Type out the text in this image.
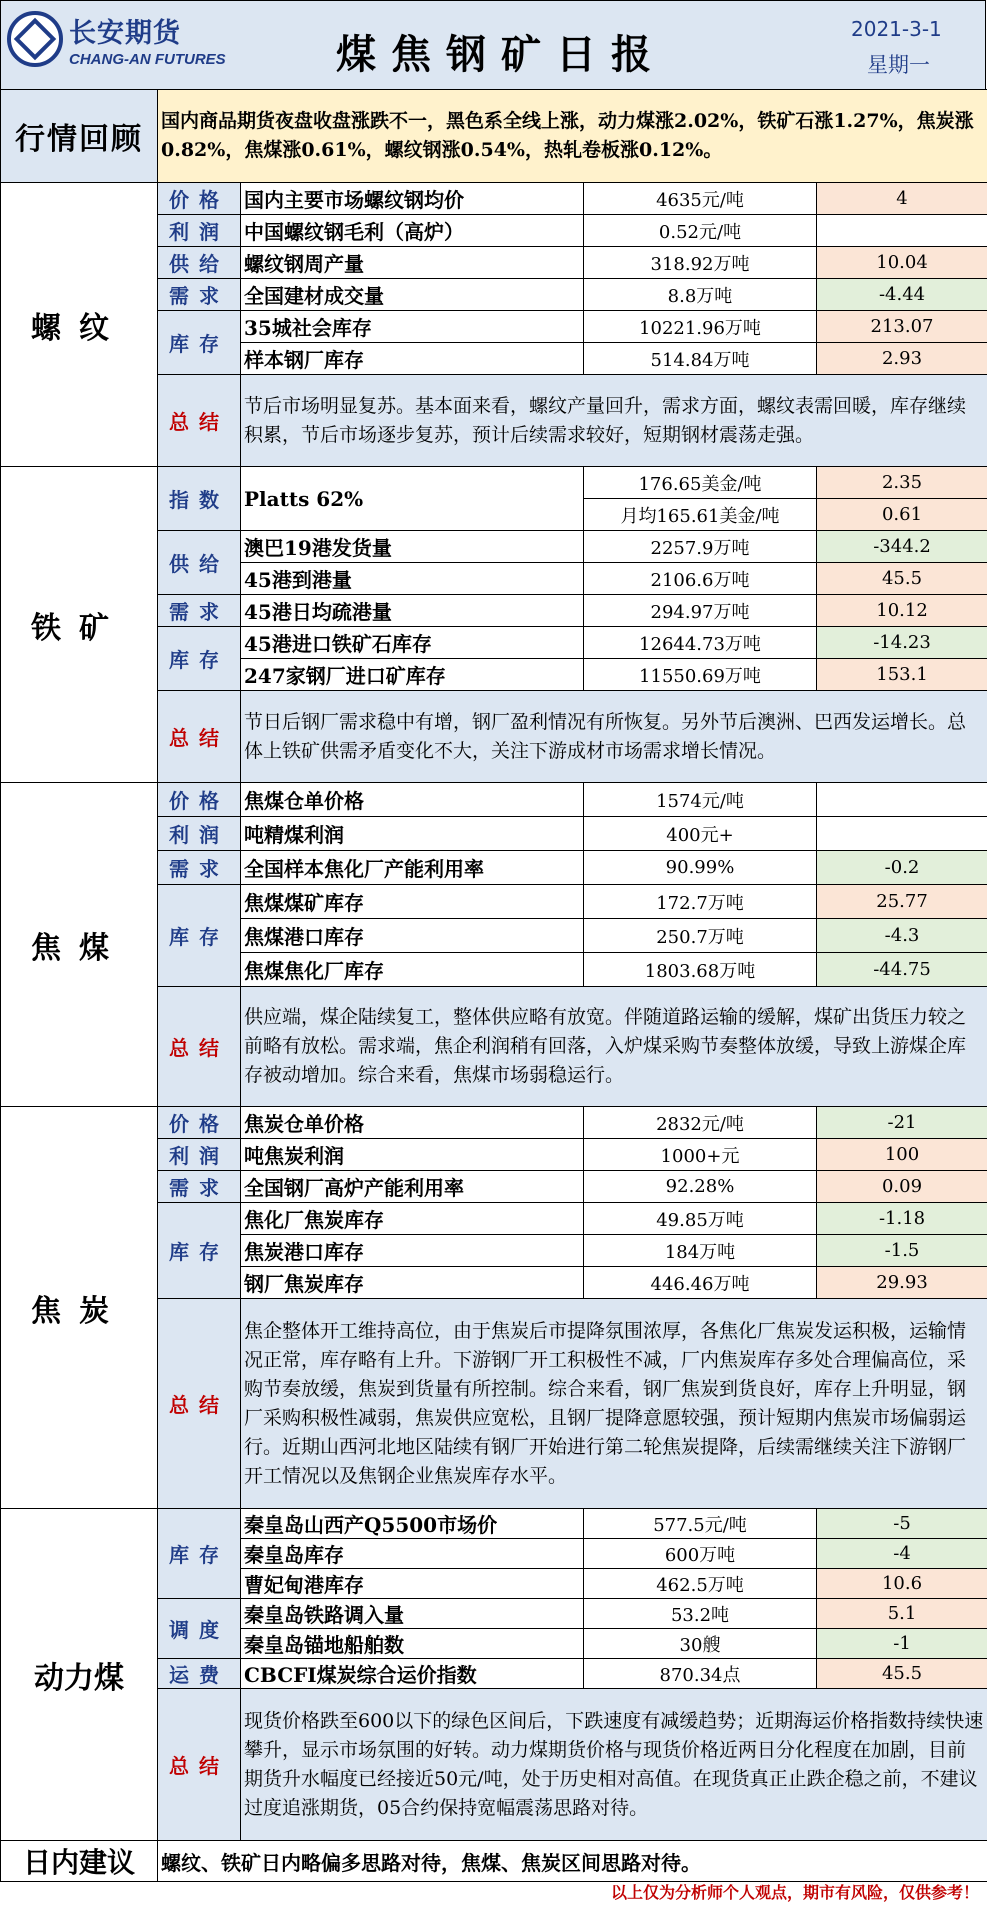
长安期货
CHANG-AN FUTURES	煤焦钢矿日报
2021-3-1
星期一
行情回顾	国内商品期货夜盘收盘涨跌不一，黑色系全线上涨，动力煤涨2.02%，铁矿石涨1.27%，焦炭涨0.82%，焦煤涨0.61%，螺纹钢涨0.54%，热轧卷板涨0.12%。			
螺纹	价格	国内主要市场螺纹钢均价	4635元/吨	4
	利润	中国螺纹钢毛利（高炉）	0.52元/吨	
	供给	螺纹钢周产量	318.92万吨	10.04
	需求	全国建材成交量	8.8万吨	-4.44
	库存	35城社会库存	10221.96万吨	213.07
		样本钢厂库存	514.84万吨	2.93
	总结	节后市场明显复苏。基本面来看，螺纹产量回升，需求方面，螺纹表需回暖，库存继续积累，节后市场逐步复苏，预计后续需求较好，短期钢材震荡走强。		
铁矿	指数	Platts 62%	176.65美金/吨	2.35
			月均165.61美金/吨	0.61
	供给	澳巴19港发货量	2257.9万吨	-344.2
		45港到港量	2106.6万吨	45.5
	需求	45港日均疏港量	294.97万吨	10.12
	库存	45港进口铁矿石库存	12644.73万吨	-14.23
		247家钢厂进口矿库存	11550.69万吨	153.1
	总结	节日后钢厂需求稳中有增，钢厂盈利情况有所恢复。另外节后澳洲、巴西发运增长。总体上铁矿供需矛盾变化不大，关注下游成材市场需求增长情况。		
焦煤	价格	焦煤仓单价格	1574元/吨	
	利润	吨精煤利润	400元+	
	需求	全国样本焦化厂产能利用率	90.99%	-0.2
	库存	焦煤煤矿库存	172.7万吨	25.77
		焦煤港口库存	250.7万吨	-4.3
		焦煤焦化厂库存	1803.68万吨	-44.75
	总结	供应端，煤企陆续复工，整体供应略有放宽。伴随道路运输的缓解，煤矿出货压力较之前略有放松。需求端，焦企利润稍有回落，入炉煤采购节奏整体放缓，导致上游煤企库存被动增加。综合来看，焦煤市场弱稳运行。		
焦炭	价格	焦炭仓单价格	2832元/吨	-21
	利润	吨焦炭利润	1000+元	100
	需求	全国钢厂高炉产能利用率	92.28%	0.09
	库存	焦化厂焦炭库存	49.85万吨	-1.18
		焦炭港口库存	184万吨	-1.5
		钢厂焦炭库存	446.46万吨	29.93
	总结	焦企整体开工维持高位，由于焦炭后市提降氛围浓厚，各焦化厂焦炭发运积极，运输情况正常，库存略有上升。下游钢厂开工积极性不减，厂内焦炭库存多处合理偏高位，采购节奏放缓，焦炭到货量有所控制。综合来看，钢厂焦炭到货良好，库存上升明显，钢厂采购积极性减弱，焦炭供应宽松，且钢厂提降意愿较强，预计短期内焦炭市场偏弱运行。近期山西河北地区陆续有钢厂开始进行第二轮焦炭提降，后续需继续关注下游钢厂开工情况以及焦钢企业焦炭库存水平。		
动力煤	库存	秦皇岛山西产Q5500市场价	577.5元/吨	-5
		秦皇岛库存	600万吨	-4
		曹妃甸港库存	462.5万吨	10.6
	调度	秦皇岛铁路调入量	53.2吨	5.1
		秦皇岛锚地船舶数	30艘	-1
	运费	CBCFI煤炭综合运价指数	870.34点	45.5
	总结	现货价格跌至600以下的绿色区间后，下跌速度有减缓趋势；近期海运价格指数持续快速攀升，显示市场氛围的好转。动力煤期货价格与现货价格近两日分化程度在加剧，目前期货升水幅度已经接近50元/吨，处于历史相对高值。在现货真正止跌企稳之前，不建议过度追涨期货，05合约保持宽幅震荡思路对待。		
日内建议	螺纹、铁矿日内略偏多思路对待，焦煤、焦炭区间思路对待。			
以上仅为分析师个人观点，期市有风险，仅供参考！
